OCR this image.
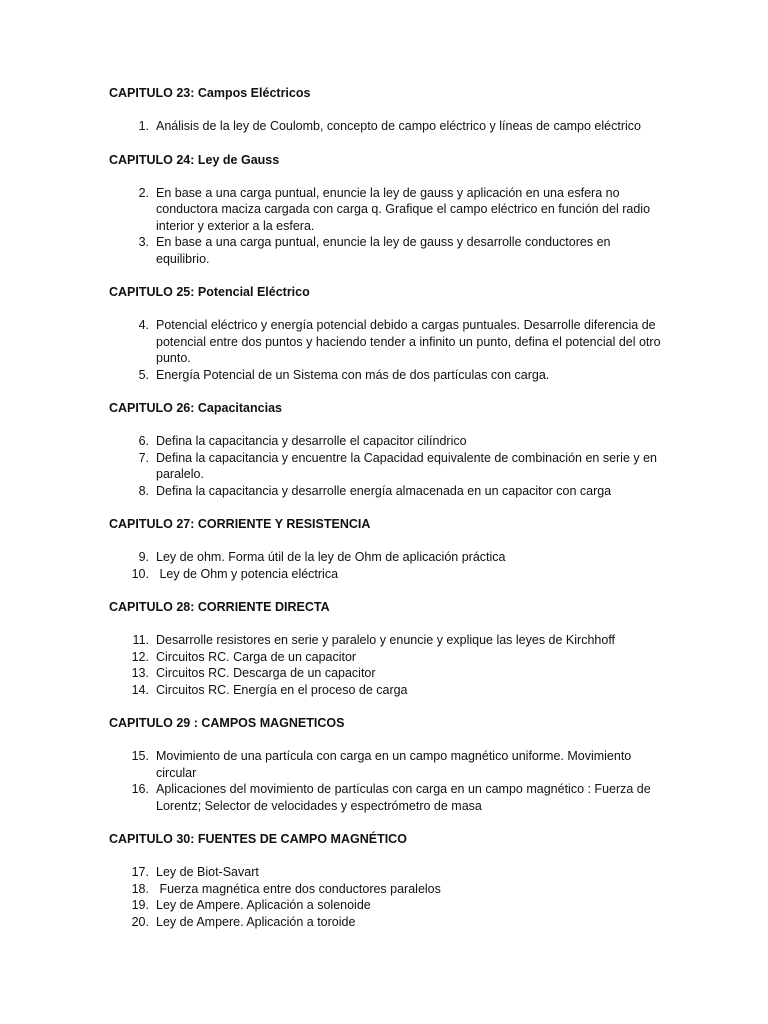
CAPITULO 23: Campos Eléctricos
1. Análisis de la ley de Coulomb, concepto de campo eléctrico y líneas de campo eléctrico
CAPITULO 24: Ley de Gauss
2. En base a una carga puntual, enuncie la ley de gauss y aplicación en una esfera no conductora maciza cargada con carga q. Grafique el campo eléctrico en función del radio interior y exterior a la esfera.
3. En base a una carga puntual, enuncie la ley de gauss y desarrolle conductores en equilibrio.
CAPITULO 25: Potencial Eléctrico
4. Potencial eléctrico y energía potencial debido a cargas puntuales. Desarrolle diferencia de potencial entre dos puntos y haciendo tender a infinito un punto, defina el potencial del otro punto.
5. Energía Potencial de un Sistema con más de dos partículas con carga.
CAPITULO 26: Capacitancias
6. Defina la capacitancia y desarrolle el capacitor cilíndrico
7. Defina la capacitancia y encuentre la Capacidad equivalente de combinación en serie y en paralelo.
8. Defina la capacitancia y desarrolle energía almacenada en un capacitor con carga
CAPITULO 27: CORRIENTE Y RESISTENCIA
9. Ley de ohm. Forma útil de la ley de Ohm de aplicación práctica
10. Ley de Ohm y potencia eléctrica
CAPITULO 28: CORRIENTE DIRECTA
11. Desarrolle resistores en serie y paralelo y enuncie y explique las leyes de Kirchhoff
12. Circuitos RC. Carga de un capacitor
13. Circuitos RC. Descarga de un capacitor
14. Circuitos RC. Energía en el proceso de carga
CAPITULO 29 : CAMPOS MAGNETICOS
15. Movimiento de una partícula con carga en un campo magnético uniforme. Movimiento circular
16. Aplicaciones del movimiento de partículas con carga en un campo magnético : Fuerza de Lorentz; Selector de velocidades y espectrómetro de masa
CAPITULO 30: FUENTES DE CAMPO MAGNÉTICO
17. Ley de Biot-Savart
18. Fuerza magnética entre dos conductores paralelos
19. Ley de Ampere. Aplicación a solenoide
20. Ley de Ampere. Aplicación a toroide
